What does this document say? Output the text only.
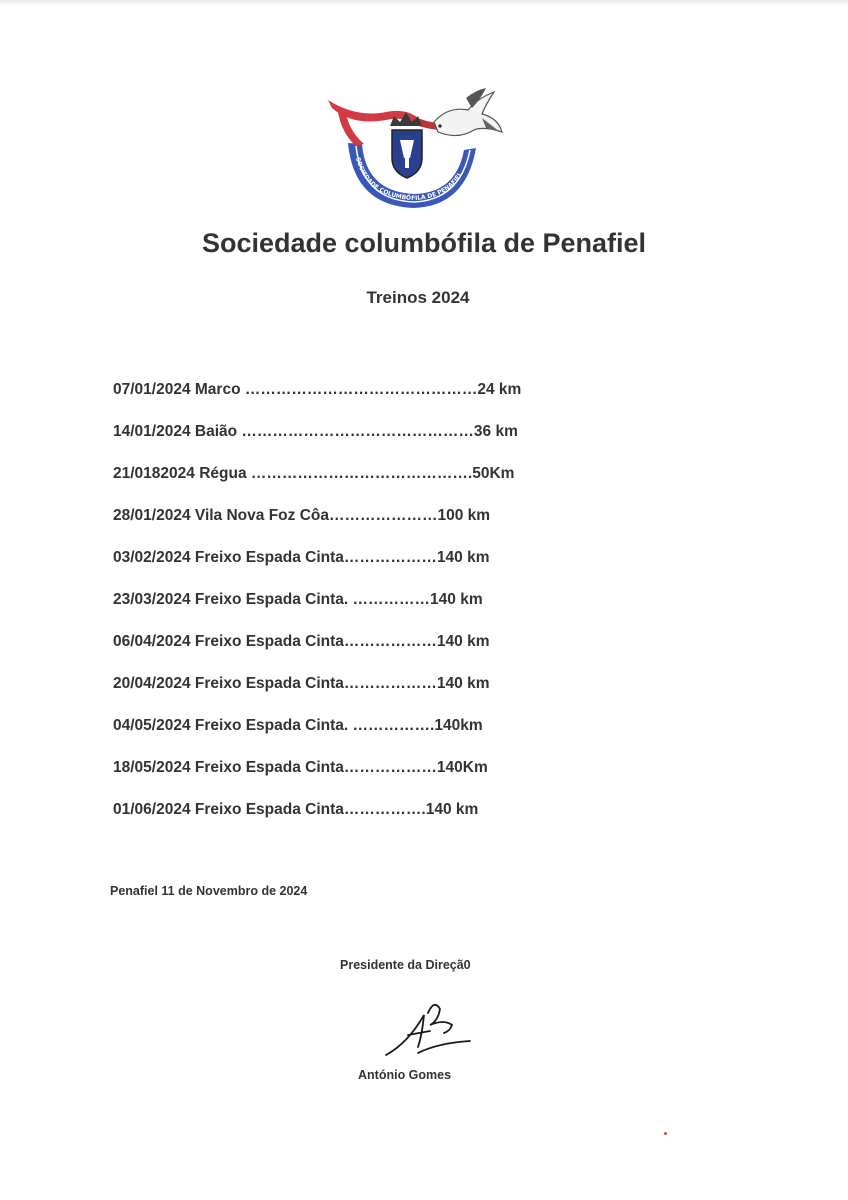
SOCIEDADE COLUMBÓFILA DE PENAFIEL
Sociedade columbófila de Penafiel
Treinos 2024
07/01/2024 Marco ………………………………………24 km
14/01/2024 Baião ………………………………………36 km
21/0182024 Régua …………………………………….50Km
28/01/2024 Vila Nova Foz Côa…………………100 km
03/02/2024 Freixo Espada Cinta………………140 km
23/03/2024 Freixo Espada Cinta. ……………140 km
06/04/2024 Freixo Espada Cinta………………140 km
20/04/2024 Freixo Espada Cinta………………140 km
04/05/2024 Freixo Espada Cinta. …………….140km
18/05/2024 Freixo Espada Cinta………………140Km
01/06/2024 Freixo Espada Cinta…………….140 km
Penafiel 11 de Novembro de 2024
Presidente da Direçã0
António Gomes
